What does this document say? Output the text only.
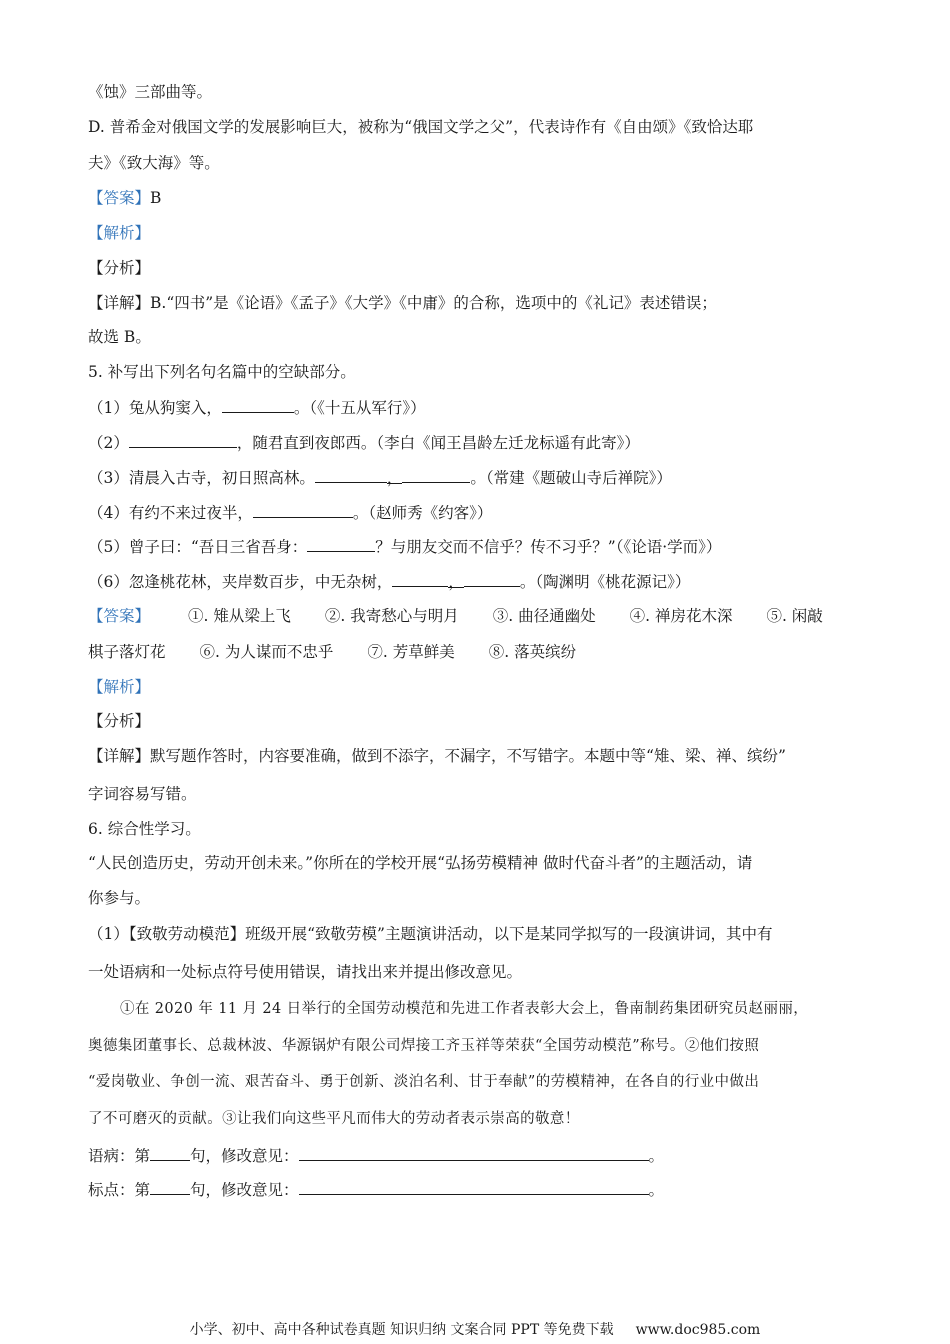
《蚀》三部曲等。
D. 普希金对俄国文学的发展影响巨大，被称为“俄国文学之父”，代表诗作有《自由颂》《致恰达耶
夫》《致大海》等。
【答案】B
【解析】
【分析】
【详解】B.“四书”是《论语》《孟子》《大学》《中庸》的合称，选项中的《礼记》表述错误；
故选 B。
5. 补写出下列名句名篇中的空缺部分。
（1）兔从狗窦入，	。（《十五从军行》）
（2）	，随君直到夜郎西。（李白《闻王昌龄左迁龙标遥有此寄》）
（3）清晨入古寺，初日照高林。	，	。（常建《题破山寺后禅院》）
（4）有约不来过夜半，	。（赵师秀《约客》）
（5）曾子曰：“吾日三省吾身：	？与朋友交而不信乎？传不习乎？”（《论语·学而》）
（6）忽逢桃花林，夹岸数百步，中无杂树，	，	。（陶渊明《桃花源记》）
【答案】 ①. 雉从梁上飞 ②. 我寄愁心与明月 ③. 曲径通幽处 ④. 禅房花木深 ⑤. 闲敲
棋子落灯花 ⑥. 为人谋而不忠乎 ⑦. 芳草鲜美 ⑧. 落英缤纷
【解析】
【分析】
【详解】默写题作答时，内容要准确，做到不添字，不漏字，不写错字。本题中等“雉、梁、禅、缤纷”
字词容易写错。
6. 综合性学习。
“人民创造历史，劳动开创未来。”你所在的学校开展“弘扬劳模精神 做时代奋斗者”的主题活动，请
你参与。
（1）【致敬劳动模范】班级开展“致敬劳模”主题演讲活动，以下是某同学拟写的一段演讲词，其中有
一处语病和一处标点符号使用错误，请找出来并提出修改意见。
①在 2020 年 11 月 24 日举行的全国劳动模范和先进工作者表彰大会上，鲁南制药集团研究员赵丽丽，
奥德集团董事长、总裁林波、华源锅炉有限公司焊接工齐玉祥等荣获“全国劳动模范”称号。②他们按照
“爱岗敬业、争创一流、艰苦奋斗、勇于创新、淡泊名利、甘于奉献”的劳模精神，在各自的行业中做出
了不可磨灭的贡献。③让我们向这些平凡而伟大的劳动者表示崇高的敬意！
语病：第	句，修改意见：	。
标点：第	句，修改意见：	。
小学、初中、高中各种试卷真题 知识归纳 文案合同 PPT 等免费下载 www.doc985.com
